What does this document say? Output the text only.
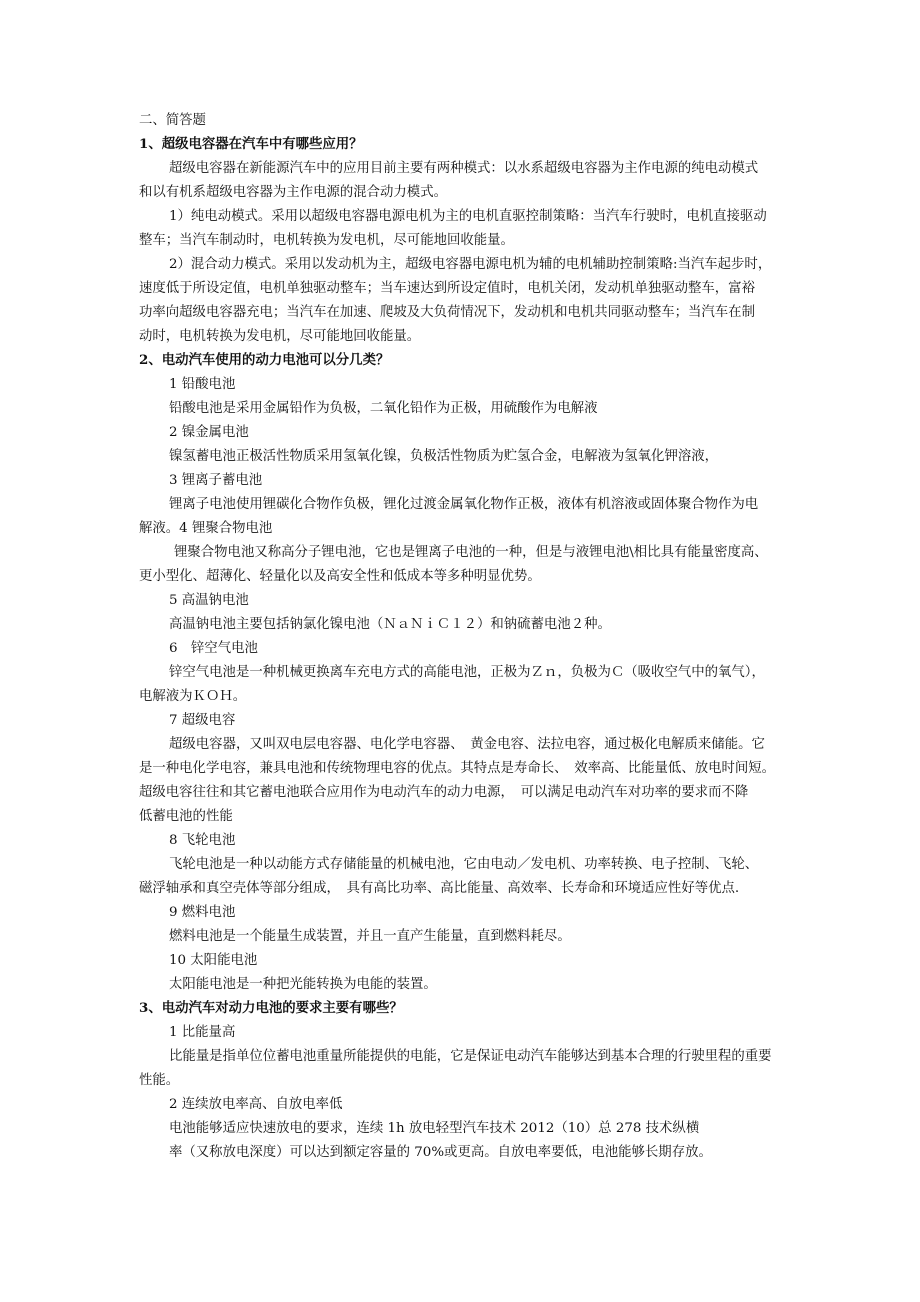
二、简答题
1、超级电容器在汽车中有哪些应用？
超级电容器在新能源汽车中的应用目前主要有两种模式：以水系超级电容器为主作电源的纯电动模式
和以有机系超级电容器为主作电源的混合动力模式。
1）纯电动模式。采用以超级电容器电源电机为主的电机直驱控制策略：当汽车行驶时，电机直接驱动
整车；当汽车制动时，电机转换为发电机，尽可能地回收能量。
2）混合动力模式。采用以发动机为主，超级电容器电源电机为辅的电机辅助控制策略:当汽车起步时，
速度低于所设定值，电机单独驱动整车；当车速达到所设定值时，电机关闭，发动机单独驱动整车，富裕
功率向超级电容器充电；当汽车在加速、爬坡及大负荷情况下，发动机和电机共同驱动整车；当汽车在制
动时，电机转换为发电机，尽可能地回收能量。
2、电动汽车使用的动力电池可以分几类？
1 铅酸电池
铅酸电池是采用金属铅作为负极，二氧化铅作为正极，用硫酸作为电解液
2 镍金属电池
镍氢蓄电池正极活性物质采用氢氧化镍，负极活性物质为贮氢合金，电解液为氢氧化钾溶液，
3 锂离子蓄电池
锂离子电池使用锂碳化合物作负极，锂化过渡金属氧化物作正极，液体有机溶液或固体聚合物作为电
解液。4 锂聚合物电池
锂聚合物电池又称高分子锂电池，它也是锂离子电池的一种，但是与液锂电池\相比具有能量密度高、
更小型化、超薄化、轻量化以及高安全性和低成本等多种明显优势。
5 高温钠电池
高温钠电池主要包括钠氯化镍电池（ＮａＮｉＣ１２）和钠硫蓄电池２种。
6　锌空气电池
锌空气电池是一种机械更换离车充电方式的高能电池，正极为Ｚｎ，负极为Ｃ（吸收空气中的氧气），
电解液为ＫＯＨ。
7 超级电容
超级电容器，又叫双电层电容器、电化学电容器、　黄金电容、法拉电容，通过极化电解质来储能。它
是一种电化学电容，兼具电池和传统物理电容的优点。其特点是寿命长、　效率高、比能量低、放电时间短。
超级电容往往和其它蓄电池联合应用作为电动汽车的动力电源，　可以满足电动汽车对功率的要求而不降
低蓄电池的性能
8 飞轮电池
飞轮电池是一种以动能方式存储能量的机械电池，它由电动／发电机、功率转换、电子控制、飞轮、
磁浮轴承和真空壳体等部分组成，　具有高比功率、高比能量、高效率、长寿命和环境适应性好等优点.
9 燃料电池
燃料电池是一个能量生成装置，并且一直产生能量，直到燃料耗尽。
10 太阳能电池
太阳能电池是一种把光能转换为电能的装置。
3、电动汽车对动力电池的要求主要有哪些？
1 比能量高
比能量是指单位位蓄电池重量所能提供的电能，它是保证电动汽车能够达到基本合理的行驶里程的重要
性能。
2 连续放电率高、自放电率低
电池能够适应快速放电的要求，连续 1h 放电轻型汽车技术 2012（10）总 278 技术纵横
率（又称放电深度）可以达到额定容量的 70%或更高。自放电率要低，电池能够长期存放。
